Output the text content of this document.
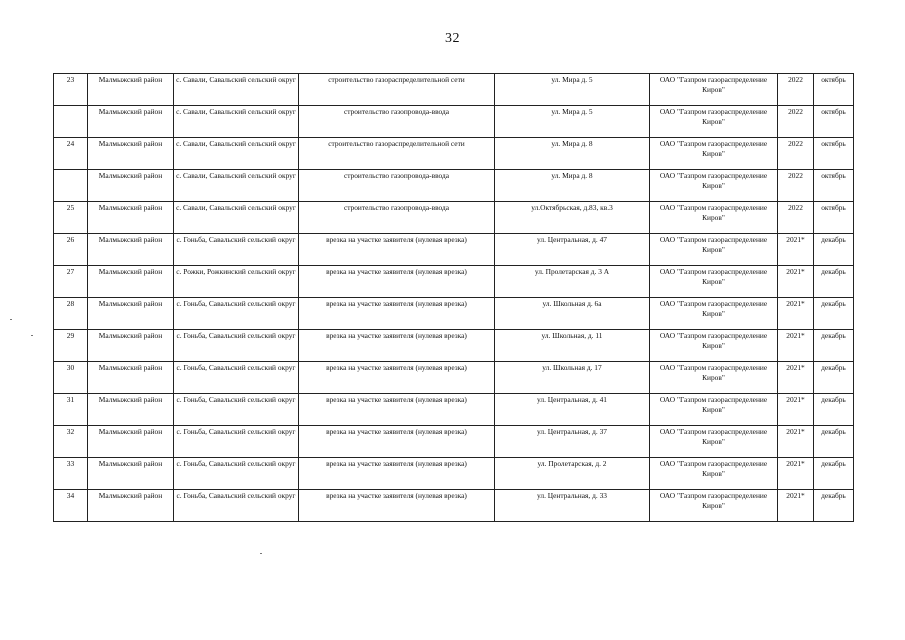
32
23	Малмыжский район	с. Савали, Савальский сельский округ	строительство газораспределительной сети	ул. Мира д. 5	ОАО "Газпром газораспределение Киров"	2022	октябрь
	Малмыжский район	с. Савали, Савальский сельский округ	строительство газопровода-ввода	ул. Мира д. 5	ОАО "Газпром газораспределение Киров"	2022	октябрь
24	Малмыжский район	с. Савали, Савальский сельский округ	строительство газораспределительной сети	ул. Мира д. 8	ОАО "Газпром газораспределение Киров"	2022	октябрь
	Малмыжский район	с. Савали, Савальский сельский округ	строительство газопровода-ввода	ул. Мира д. 8	ОАО "Газпром газораспределение Киров"	2022	октябрь
25	Малмыжский район	с. Савали, Савальский сельский округ	строительство газопровода-ввода	ул.Октябрьская, д.83, кв.3	ОАО "Газпром газораспределение Киров"	2022	октябрь
26	Малмыжский район	с. Гоньба, Савальский сельский округ	врезка на участке заявителя (нулевая врезка)	ул. Центральная, д. 47	ОАО "Газпром газораспределение Киров"	2021*	декабрь
27	Малмыжский район	с. Рожки, Рожкинский сельский округ	врезка на участке заявителя (нулевая врезка)	ул. Пролетарская д. 3 А	ОАО "Газпром газораспределение Киров"	2021*	декабрь
28	Малмыжский район	с. Гоньба, Савальский сельский округ	врезка на участке заявителя (нулевая врезка)	ул. Школьная д. 6а	ОАО "Газпром газораспределение Киров"	2021*	декабрь
29	Малмыжский район	с. Гоньба, Савальский сельский округ	врезка на участке заявителя (нулевая врезка)	ул. Школьная, д. 11	ОАО "Газпром газораспределение Киров"	2021*	декабрь
30	Малмыжский район	с. Гоньба, Савальский сельский округ	врезка на участке заявителя (нулевая врезка)	ул. Школьная д. 17	ОАО "Газпром газораспределение Киров"	2021*	декабрь
31	Малмыжский район	с. Гоньба, Савальский сельский округ	врезка на участке заявителя (нулевая врезка)	ул. Центральная, д. 41	ОАО "Газпром газораспределение Киров"	2021*	декабрь
32	Малмыжский район	с. Гоньба, Савальский сельский округ	врезка на участке заявителя (нулевая врезка)	ул. Центральная, д. 37	ОАО "Газпром газораспределение Киров"	2021*	декабрь
33	Малмыжский район	с. Гоньба, Савальский сельский округ	врезка на участке заявителя (нулевая врезка)	ул. Пролетарская, д. 2	ОАО "Газпром газораспределение Киров"	2021*	декабрь
34	Малмыжский район	с. Гоньба, Савальский сельский округ	врезка на участке заявителя (нулевая врезка)	ул. Центральная, д. 33	ОАО "Газпром газораспределение Киров"	2021*	декабрь
